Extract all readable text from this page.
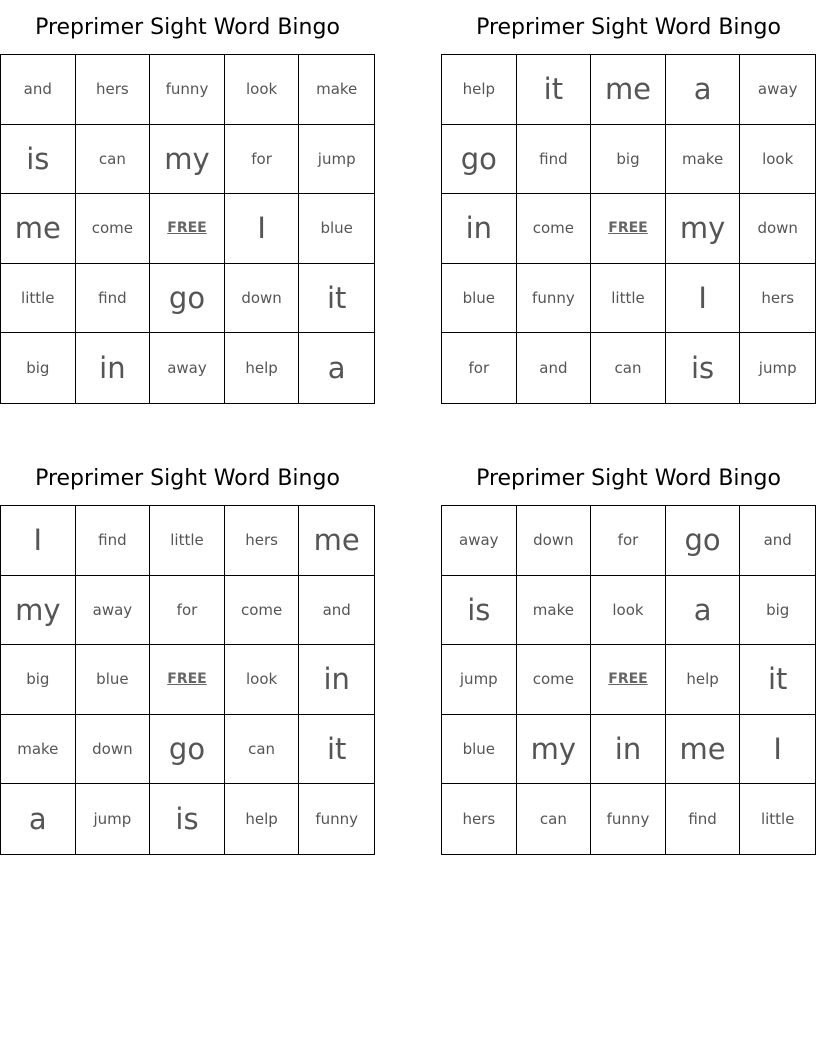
Preprimer Sight Word Bingo
and	hers	funny	look	make
is	can	my	for	jump
me	come	FREE	I	blue
little	find	go	down	it
big	in	away	help	a
Preprimer Sight Word Bingo
help	it	me	a	away
go	find	big	make	look
in	come	FREE	my	down
blue	funny	little	I	hers
for	and	can	is	jump
Preprimer Sight Word Bingo
I	find	little	hers	me
my	away	for	come	and
big	blue	FREE	look	in
make	down	go	can	it
a	jump	is	help	funny
Preprimer Sight Word Bingo
away	down	for	go	and
is	make	look	a	big
jump	come	FREE	help	it
blue	my	in	me	I
hers	can	funny	find	little
